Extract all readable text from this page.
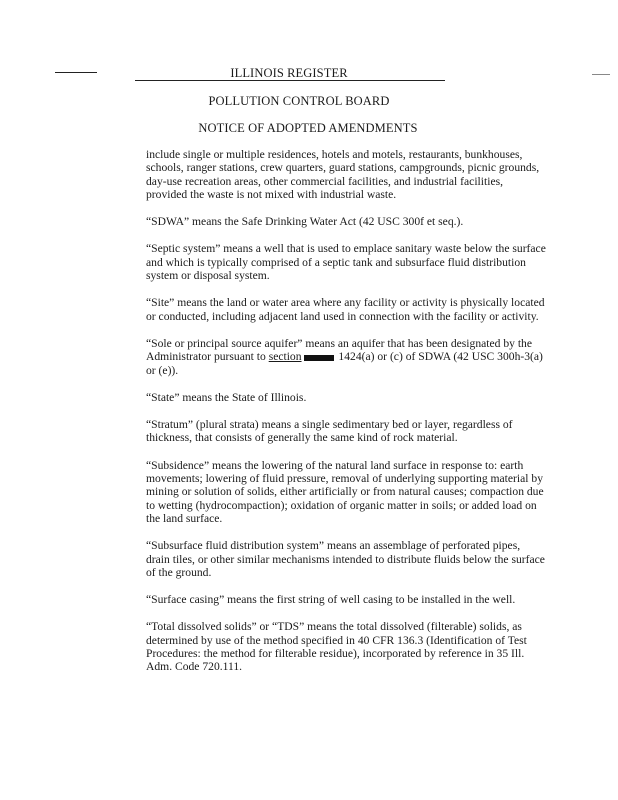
ILLINOIS REGISTER
POLLUTION CONTROL BOARD
NOTICE OF ADOPTED AMENDMENTS

include single or multiple residences, hotels and motels, restaurants, bunkhouses, schools, ranger stations, crew quarters, guard stations, campgrounds, picnic grounds, day-use recreation areas, other commercial facilities, and industrial facilities, provided the waste is not mixed with industrial waste.

“SDWA” means the Safe Drinking Water Act (42 USC 300f et seq.).

“Septic system” means a well that is used to emplace sanitary waste below the surface and which is typically comprised of a septic tank and subsurface fluid distribution system or disposal system.

“Site” means the land or water area where any facility or activity is physically located or conducted, including adjacent land used in connection with the facility or activity.

“Sole or principal source aquifer” means an aquifer that has been designated by the Administrator pursuant to section	1424(a) or (c) of SDWA (42 USC 300h-3(a) or (e)).

“State” means the State of Illinois.

“Stratum” (plural strata) means a single sedimentary bed or layer, regardless of thickness, that consists of generally the same kind of rock material.

“Subsidence” means the lowering of the natural land surface in response to: earth movements; lowering of fluid pressure, removal of underlying supporting material by mining or solution of solids, either artificially or from natural causes; compaction due to wetting (hydrocompaction); oxidation of organic matter in soils; or added load on the land surface.

“Subsurface fluid distribution system” means an assemblage of perforated pipes, drain tiles, or other similar mechanisms intended to distribute fluids below the surface of the ground.

“Surface casing” means the first string of well casing to be installed in the well.

“Total dissolved solids” or “TDS” means the total dissolved (filterable) solids, as determined by use of the method specified in 40 CFR 136.3 (Identification of Test Procedures: the method for filterable residue), incorporated by reference in 35 Ill. Adm. Code 720.111.
